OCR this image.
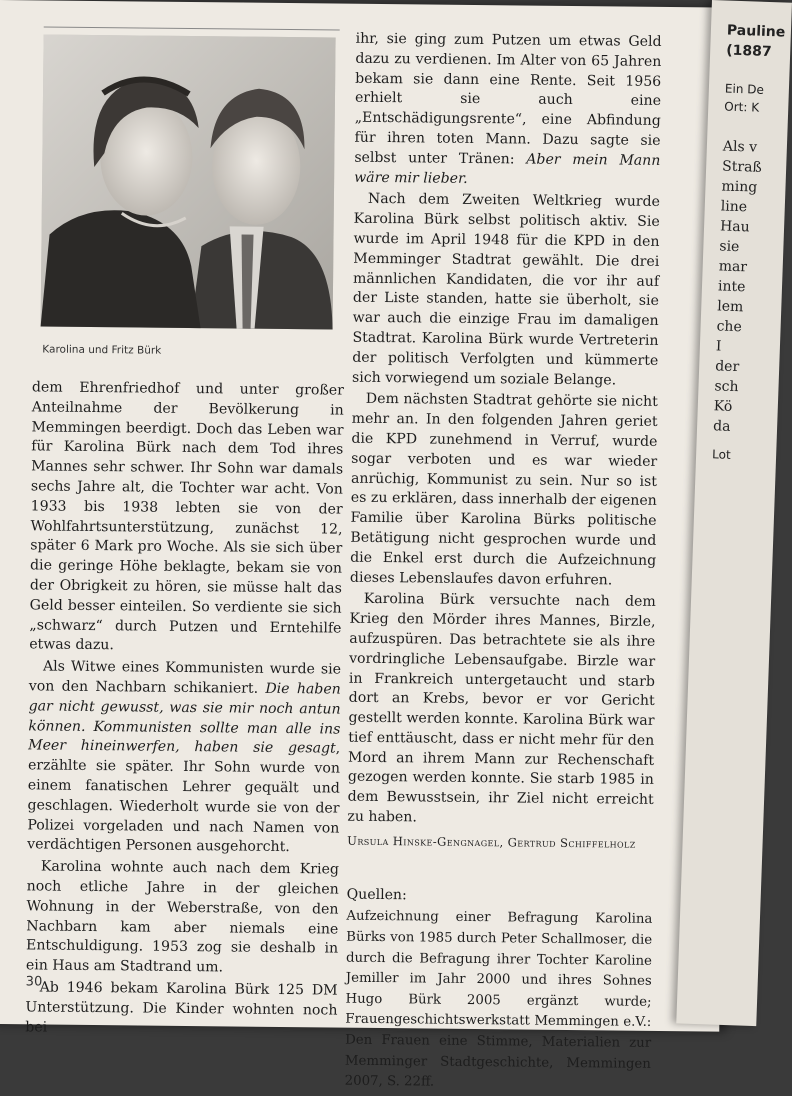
Karolina und Fritz Bürk

dem Ehrenfriedhof und unter großer Anteilnahme der Bevölkerung in Memmingen beerdigt. Doch das Leben war für Karolina Bürk nach dem Tod ihres Mannes sehr schwer. Ihr Sohn war damals sechs Jahre alt, die Tochter war acht. Von 1933 bis 1938 lebten sie von der Wohlfahrtsunterstützung, zunächst 12, später 6 Mark pro Woche. Als sie sich über die geringe Höhe beklagte, bekam sie von der Obrigkeit zu hören, sie müsse halt das Geld besser einteilen. So verdiente sie sich „schwarz“ durch Putzen und Erntehilfe etwas dazu.

Als Witwe eines Kommunisten wurde sie von den Nachbarn schikaniert. Die haben gar nicht gewusst, was sie mir noch antun können. Kommunisten sollte man alle ins Meer hineinwerfen, haben sie gesagt, erzählte sie später. Ihr Sohn wurde von einem fanatischen Lehrer gequält und geschlagen. Wiederholt wurde sie von der Polizei vorgeladen und nach Namen von verdächtigen Personen ausgehorcht.

Karolina wohnte auch nach dem Krieg noch etliche Jahre in der gleichen Wohnung in der Weberstraße, von den Nachbarn kam aber niemals eine Entschuldigung. 1953 zog sie deshalb in ein Haus am Stadtrand um.

Ab 1946 bekam Karolina Bürk 125 DM Unterstützung. Die Kinder wohnten noch bei

ihr, sie ging zum Putzen um etwas Geld dazu zu verdienen. Im Alter von 65 Jahren bekam sie dann eine Rente. Seit 1956 erhielt sie auch eine „Entschädigungsrente“, eine Abfindung für ihren toten Mann. Dazu sagte sie selbst unter Tränen: Aber mein Mann wäre mir lieber.

Nach dem Zweiten Weltkrieg wurde Karolina Bürk selbst politisch aktiv. Sie wurde im April 1948 für die KPD in den Memminger Stadtrat gewählt. Die drei männlichen Kandidaten, die vor ihr auf der Liste standen, hatte sie überholt, sie war auch die einzige Frau im damaligen Stadtrat. Karolina Bürk wurde Vertreterin der politisch Verfolgten und kümmerte sich vorwiegend um soziale Belange.

Dem nächsten Stadtrat gehörte sie nicht mehr an. In den folgenden Jahren geriet die KPD zunehmend in Verruf, wurde sogar verboten und es war wieder anrüchig, Kommunist zu sein. Nur so ist es zu erklären, dass innerhalb der eigenen Familie über Karolina Bürks politische Betätigung nicht gesprochen wurde und die Enkel erst durch die Aufzeichnung dieses Lebenslaufes davon erfuhren.

Karolina Bürk versuchte nach dem Krieg den Mörder ihres Mannes, Birzle, aufzuspüren. Das betrachtete sie als ihre vordringliche Lebensaufgabe. Birzle war in Frankreich untergetaucht und starb dort an Krebs, bevor er vor Gericht gestellt werden konnte. Karolina Bürk war tief enttäuscht, dass er nicht mehr für den Mord an ihrem Mann zur Rechenschaft gezogen werden konnte. Sie starb 1985 in dem Bewusstsein, ihr Ziel nicht erreicht zu haben.

Ursula Hinske-Gengnagel, Gertrud Schiffelholz

Quellen:

Aufzeichnung einer Befragung Karolina Bürks von 1985 durch Peter Schallmoser, die durch die Befragung ihrer Tochter Karoline Jemiller im Jahr 2000 und ihres Sohnes Hugo Bürk 2005 ergänzt wurde; Frauengeschichtswerkstatt Memmingen e.V.: Den Frauen eine Stimme, Materialien zur Memminger Stadtgeschichte, Memmingen 2007, S. 22ff.

30
Pauline
(1887
Ein De
Ort: K
Als v
Straß
ming
line
Hau
sie
mar
inte
lem
che
I
der
sch
Kö
da
Lot
